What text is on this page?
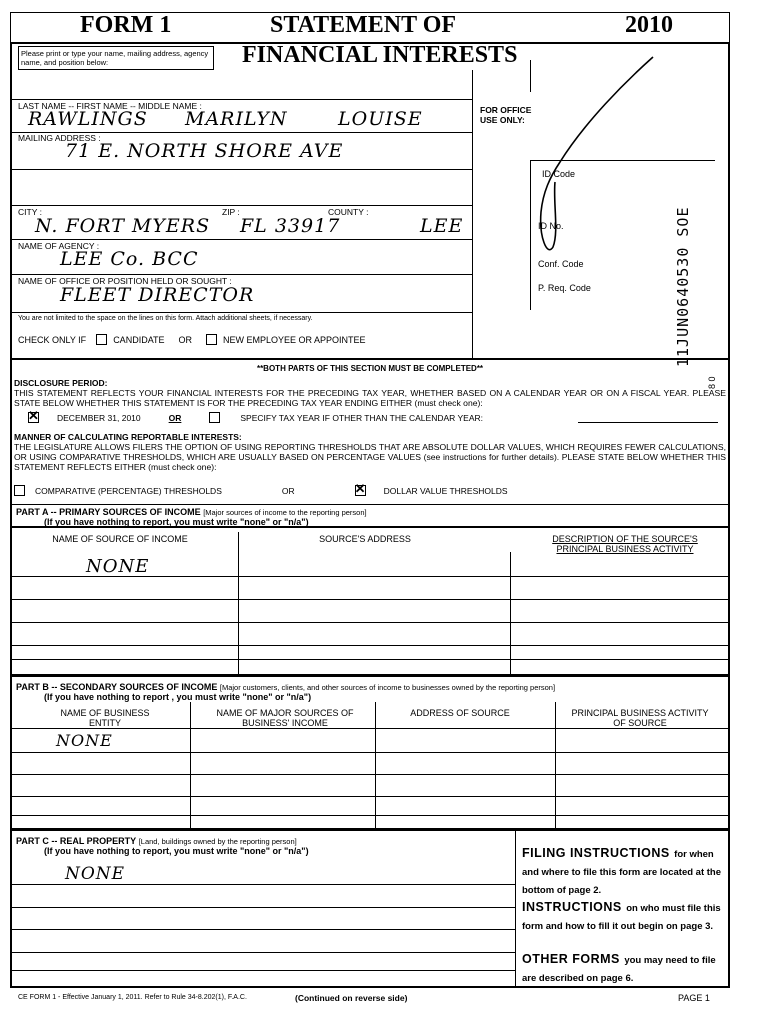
FORM 1	STATEMENT OF	2010
FINANCIAL INTERESTS
Please print or type your name, mailing address, agency name, and position below:
LAST NAME -- FIRST NAME -- MIDDLE NAME :
RAWLINGS MARILYN	LOUISE
MAILING ADDRESS :
71 E. NORTH SHORE AVE
CITY :	ZIP :	COUNTY :
N. FORT MYERS FL 33917	LEE
NAME OF AGENCY :
LEE Co. BCC
NAME OF OFFICE OR POSITION HELD OR SOUGHT :
FLEET DIRECTOR
You are not limited to the space on the lines on this form. Attach additional sheets, if necessary.
CHECK ONLY IF	CANDIDATE OR	NEW EMPLOYEE OR APPOINTEE
FOR OFFICE USE ONLY:
ID Code
ID No.
Conf. Code
P. Req. Code	11JUN0640530 SOE
8 0
**BOTH PARTS OF THIS SECTION MUST BE COMPLETED**
DISCLOSURE PERIOD:
THIS STATEMENT REFLECTS YOUR FINANCIAL INTERESTS FOR THE PRECEDING TAX YEAR, WHETHER BASED ON A CALENDAR YEAR OR ON A FISCAL YEAR. PLEASE STATE BELOW WHETHER THIS STATEMENT IS FOR THE PRECEDING TAX YEAR ENDING EITHER (must check one):
✕
DECEMBER 31, 2010	OR	SPECIFY TAX YEAR IF OTHER THAN THE CALENDAR YEAR:
MANNER OF CALCULATING REPORTABLE INTERESTS:
THE LEGISLATURE ALLOWS FILERS THE OPTION OF USING REPORTING THRESHOLDS THAT ARE ABSOLUTE DOLLAR VALUES, WHICH REQUIRES FEWER CALCULATIONS, OR USING COMPARATIVE THRESHOLDS, WHICH ARE USUALLY BASED ON PERCENTAGE VALUES (see instructions for further details). PLEASE STATE BELOW WHETHER THIS STATEMENT REFLECTS EITHER (must check one):
COMPARATIVE (PERCENTAGE) THRESHOLDS	OR
✕	DOLLAR VALUE THRESHOLDS
PART A -- PRIMARY SOURCES OF INCOME [Major sources of income to the reporting person]
(If you have nothing to report, you must write "none" or "n/a")
NAME OF SOURCE OF INCOME	SOURCE'S ADDRESS	DESCRIPTION OF THE SOURCE'S PRINCIPAL BUSINESS ACTIVITY
NONE
PART B -- SECONDARY SOURCES OF INCOME [Major customers, clients, and other sources of income to businesses owned by the reporting person]
(If you have nothing to report , you must write "none" or "n/a")
NAME OF BUSINESS ENTITY
NAME OF MAJOR SOURCES OF BUSINESS' INCOME
ADDRESS OF SOURCE	PRINCIPAL BUSINESS ACTIVITY OF SOURCE
NONE
PART C -- REAL PROPERTY [Land, buildings owned by the reporting person]
(If you have nothing to report, you must write "none" or "n/a")
NONE
FILING INSTRUCTIONS for when and where to file this form are located at the bottom of page 2.
INSTRUCTIONS on who must file this form and how to fill it out begin on page 3.
OTHER FORMS you may need to file are described on page 6.
CE FORM 1 - Effective January 1, 2011. Refer to Rule 34-8.202(1), F.A.C.	(Continued on reverse side)	PAGE 1
